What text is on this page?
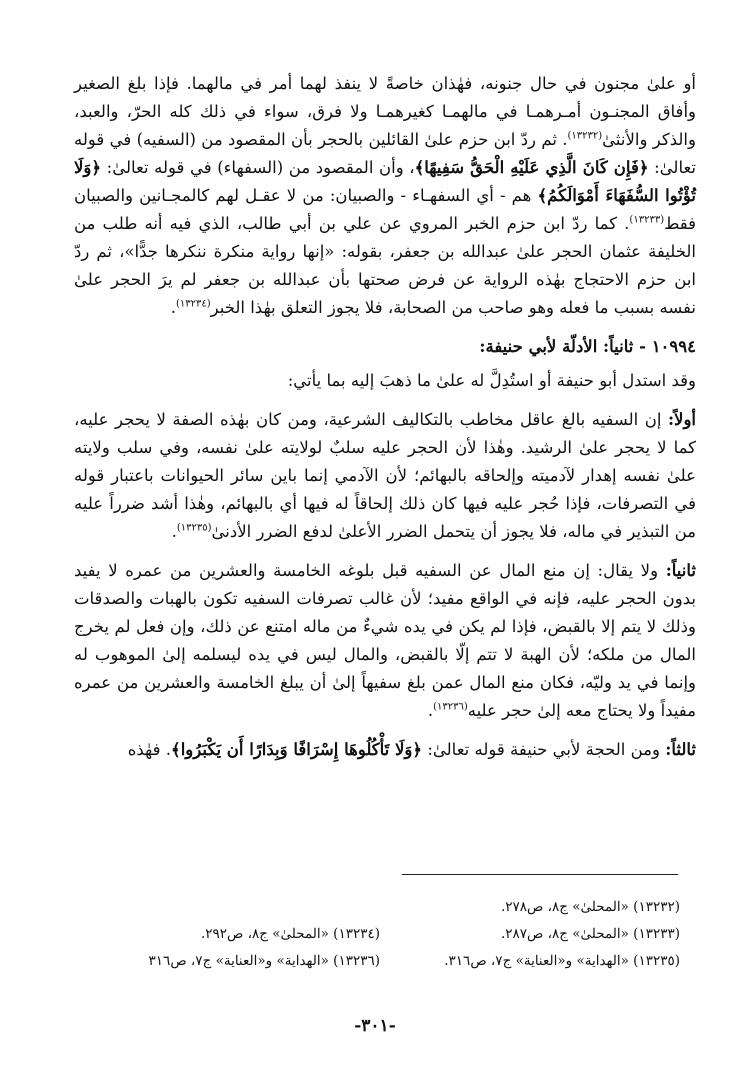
أو علىٰ مجنون في حال جنونه، فهٰذان خاصةً لا ينفذ لهما أمر في مالهما. فإذا بلغ الصغير وأفاق المجنـون أمـرهمـا في مالهمـا كغيرهمـا ولا فرق، سواء في ذلك كله الحرّ، والعبد، والذكر والأنثىٰ$^{(١٣٢٣٢)}$. ثم ردّ ابن حزم علىٰ القائلين بالحجر بأن المقصود من (السفيه) في قوله تعالىٰ: ﴿فَإِن كَانَ الَّذِي عَلَيْهِ الْحَقُّ سَفِيهًا﴾، وأن المقصود من (السفهاء) في قوله تعالىٰ: ﴿وَلَا تُؤْتُوا السُّفَهَاءَ أَمْوَالَكُمُ﴾ هم - أي السفهـاء - والصبيان: من لا عقـل لهم كالمجـانين والصبيان فقط$^{(١٣٢٣٣)}$. كما ردّ ابن حزم الخبر المروي عن علي بن أبي طالب، الذي فيه أنه طلب من الخليفة عثمان الحجر علىٰ عبدالله بن جعفر، بقوله: «إنها رواية منكرة ننكرها جدًّا»، ثم ردّ ابن حزم الاحتجاج بهٰذه الرواية عن فرض صحتها بأن عبدالله بن جعفر لم يرَ الحجر علىٰ نفسه بسبب ما فعله وهو صاحب من الصحابة، فلا يجوز التعلق بهٰذا الخبر$^{(١٣٢٣٤)}$.

١٠٩٩٤ - ثانياً: الأدلّة لأبي حنيفة:

وقد استدل أبو حنيفة أو استُدِلَّ له علىٰ ما ذهبَ إليه بما يأتي:

أولاً: إن السفيه بالغ عاقل مخاطب بالتكاليف الشرعية، ومن كان بهٰذه الصفة لا يحجر عليه، كما لا يحجر علىٰ الرشيد. وهٰذا لأن الحجر عليه سلبٌ لولايته علىٰ نفسه، وفي سلب ولايته علىٰ نفسه إهدار لآدميته وإلحاقه بالبهائم؛ لأن الآدمي إنما باين سائر الحيوانات باعتبار قوله في التصرفات، فإذا حُجر عليه فيها كان ذلك إلحاقاً له فيها أي بالبهائم، وهٰذا أشد ضرراً عليه من التبذير في ماله، فلا يجوز أن يتحمل الضرر الأعلىٰ لدفع الضرر الأدنىٰ$^{(١٣٢٣٥)}$.

ثانياً: ولا يقال: إن منع المال عن السفيه قبل بلوغه الخامسة والعشرين من عمره لا يفيد بدون الحجر عليه، فإنه في الواقع مفيد؛ لأن غالب تصرفات السفيه تكون بالهبات والصدقات وذلك لا يتم إلا بالقبض، فإذا لم يكن في يده شيءٌ من ماله امتنع عن ذلك، وإن فعل لم يخرج المال من ملكه؛ لأن الهبة لا تتم إلّا بالقبض، والمال ليس في يده ليسلمه إلىٰ الموهوب له وإنما في يد وليّه، فكان منع المال عمن بلغ سفيهاً إلىٰ أن يبلغ الخامسة والعشرين من عمره مفيداً ولا يحتاج معه إلىٰ حجر عليه$^{(١٣٢٣٦)}$.

ثالثاً: ومن الحجة لأبي حنيفة قوله تعالىٰ: ﴿وَلَا تَأْكُلُوهَا إِسْرَافًا وَبِدَارًا أَن يَكْبَرُوا﴾. فهٰذه

(١٣٢٣٢) «المحلىٰ» ج٨، ص٢٧٨.
(١٣٢٣٣) «المحلىٰ» ج٨، ص٢٨٧.
(١٣٢٣٤) «المحلىٰ» ج٨، ص٢٩٢.
(١٣٢٣٥) «الهداية» و«العناية» ج٧، ص٣١٦.
(١٣٢٣٦) «الهداية» و«العناية» ج٧، ص٣١٦
-٣٠١-
